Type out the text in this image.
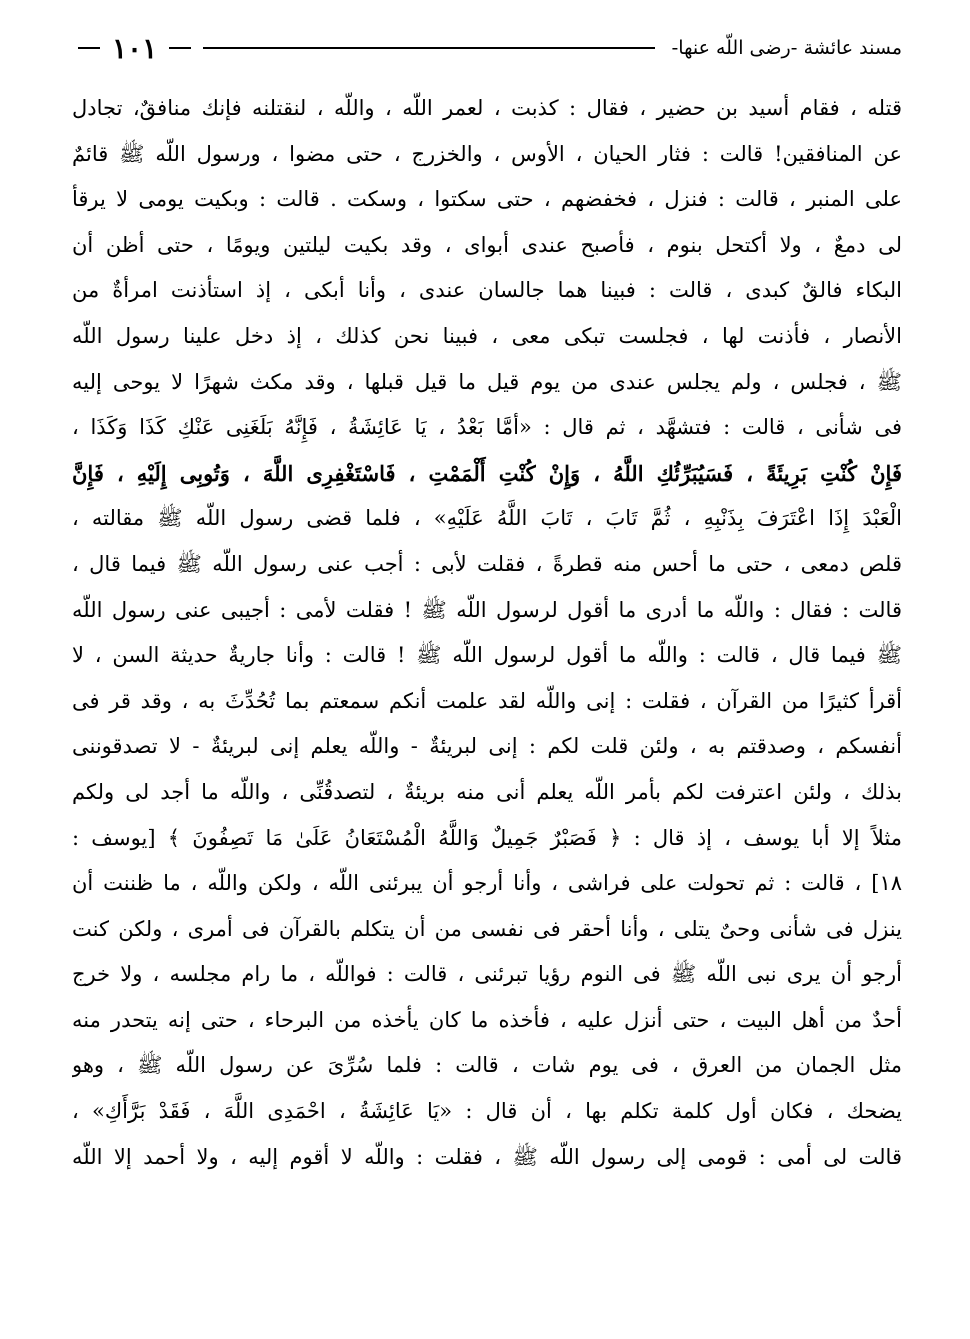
مسند عائشة -رضى اللّه عنها-
١٠١
قتله ، فقام أسيد بن حضير ، فقال : كذبت ، لعمر اللّه ، واللّه ، لنقتلنه فإنك منافقٌ، تجادل
عن المنافقين! قالت : فثار الحيان ، الأوس ، والخزرج ، حتى مضوا ، ورسول اللّه ﷺ قائمٌ
على المنبر ، قالت : فنزل ، فخفضهم ، حتى سكتوا ، وسكت . قالت : وبكيت يومى لا يرقأ
لى دمعٌ ، ولا أكتحل بنوم ، فأصبح عندى أبواى ، وقد بكيت ليلتين ويومًا ، حتى أظن أن
البكاء فالقٌ كبدى ، قالت : فبينا هما جالسان عندى ، وأنا أبكى ، إذ استأذنت امرأةٌ من
الأنصار ، فأذنت لها ، فجلست تبكى معى ، فبينا نحن كذلك ، إذ دخل علينا رسول اللّه
ﷺ ، فجلس ، ولم يجلس عندى من يوم قيل ما قيل قبلها ، وقد مكث شهرًا لا يوحى إليه
فى شأنى ، قالت : فتشهَّد ، ثم قال : «أمَّا بَعْدُ ، يَا عَائِشَةُ ، فَإِنَّهُ بَلَغَنِى عَنْكِ كَذَا وَكَذَا ،
فَإِنْ كُنْتِ بَرِيئَةً ، فَسَيُبَرِّئُكِ اللَّهُ ، وَإِنْ كُنْتِ أَلْمَمْتِ ، فَاسْتَغْفِرِى اللَّهَ ، وَتُوبِى إِلَيْهِ ، فَإِنَّ
الْعَبْدَ إِذَا اعْتَرَفَ بِذَنْبِهِ ، ثُمَّ تَابَ ، تَابَ اللَّهُ عَلَيْهِ» ، فلما قضى رسول اللّه ﷺ مقالته ،
قلص دمعى ، حتى ما أحس منه قطرةً ، فقلت لأبى : أجب عنى رسول اللّه ﷺ فيما قال ،
قالت : فقال : واللّه ما أدرى ما أقول لرسول اللّه ﷺ ! فقلت لأمى : أجيبى عنى رسول اللّه
ﷺ فيما قال ، قالت : واللّه ما أقول لرسول اللّه ﷺ ! قالت : وأنا جاريةٌ حديثة السن ، لا
أقرأ كثيرًا من القرآن ، فقلت : إنى واللّه لقد علمت أنكم سمعتم بما تُحُدِّثَ به ، وقد قر فى
أنفسكم ، وصدقتم به ، ولئن قلت لكم : إنى لبريئةٌ - واللّه يعلم إنى لبريئةٌ - لا تصدقوننى
بذلك ، ولئن اعترفت لكم بأمر اللّه يعلم أنى منه بريئةٌ ، لتصدقُنِّى ، واللّه ما أجد لى ولكم
مثلاً إلا أبا يوسف ، إذ قال : ﴿ فَصَبْرٌ جَمِيلٌ وَاللَّهُ الْمُسْتَعَانُ عَلَىٰ مَا تَصِفُونَ ﴾ [يوسف :
١٨] ، قالت : ثم تحولت على فراشى ، وأنا أرجو أن يبرئنى اللّه ، ولكن واللّه ، ما ظننت أن
ينزل فى شأنى وحىٌ يتلى ، وأنا أحقر فى نفسى من أن يتكلم بالقرآن فى أمرى ، ولكن كنت
أرجو أن يرى نبى اللّه ﷺ فى النوم رؤيا تبرئنى ، قالت : فواللّه ، ما رام مجلسه ، ولا خرج
أحدٌ من أهل البيت ، حتى أنزل عليه ، فأخذه ما كان يأخذه من البرحاء ، حتى إنه يتحدر منه
مثل الجمان من العرق ، فى يوم شات ، قالت : فلما سُرِّىَ عن رسول اللّه ﷺ ، وهو
يضحك ، فكان أول كلمة تكلم بها ، أن قال : «يَا عَائِشَةُ ، احْمَدِى اللَّهَ ، فَقَدْ بَرَّأَكِ» ،
قالت لى أمى : قومى إلى رسول اللّه ﷺ ، فقلت : واللّه لا أقوم إليه ، ولا أحمد إلا اللّه
